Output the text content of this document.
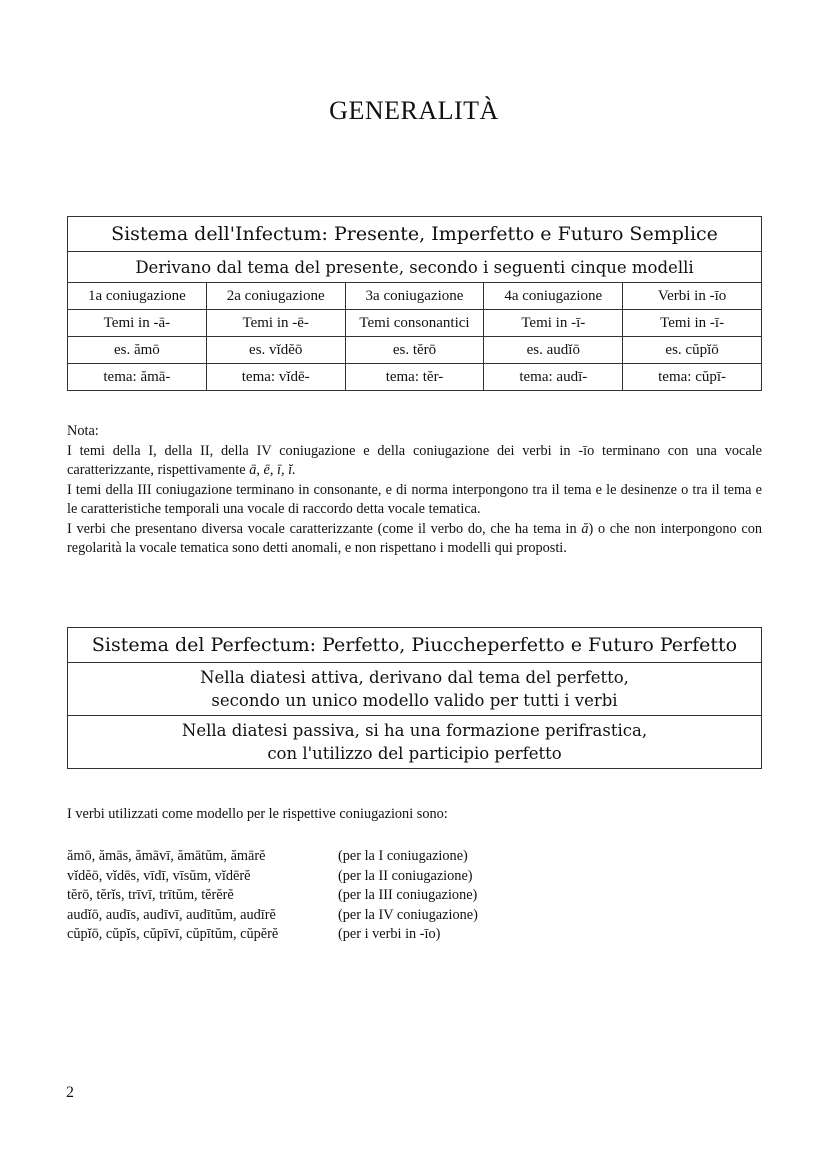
GENERALITÀ
Sistema dell'Infectum: Presente, Imperfetto e Futuro Semplice				
Derivano dal tema del presente, secondo i seguenti cinque modelli				
1a coniugazione	2a coniugazione	3a coniugazione	4a coniugazione	Verbi in -īo
Temi in -ā-	Temi in -ē-	Temi consonantici	Temi in -ī-	Temi in -ī-
es. ămō	es. vĭdĕō	es. tĕrō	es. audĭō	es. cŭpĭō
tema: ămā-	tema: vĭdē-	tema: tĕr-	tema: audī-	tema: cŭpī-

Nota:

I temi della I, della II, della IV coniugazione e della coniugazione dei verbi in -īo terminano con una vocale caratterizzante, rispettivamente ā, ē, ī, ĭ.

I temi della III coniugazione terminano in consonante, e di norma interpongono tra il tema e le desinenze o tra il tema e le caratteristiche temporali una vocale di raccordo detta vocale tematica.

I verbi che presentano diversa vocale caratterizzante (come il verbo do, che ha tema in ă) o che non interpongono con regolarità la vocale tematica sono detti anomali, e non rispettano i modelli qui proposti.

Sistema del Perfectum: Perfetto, Piuccheperfetto e Futuro Perfetto
Nella diatesi attiva, derivano dal tema del perfetto,
secondo un unico modello valido per tutti i verbi
Nella diatesi passiva, si ha una formazione perifrastica,
con l'utilizzo del participio perfetto
I verbi utilizzati come modello per le rispettive coniugazioni sono:
ămō, ămās, ămāvī, ămātŭm, ămārĕ	(per la I coniugazione)
vĭdĕō, vĭdēs, vīdī, vīsŭm, vĭdērĕ	(per la II coniugazione)
tĕrō, tĕrĭs, trīvī, trītŭm, tĕrĕrĕ	(per la III coniugazione)
audĭō, audīs, audīvī, audītŭm, audīrĕ	(per la IV coniugazione)
cŭpĭō, cŭpĭs, cŭpīvī, cŭpītŭm, cŭpĕrĕ	(per i verbi in -īo)
2
